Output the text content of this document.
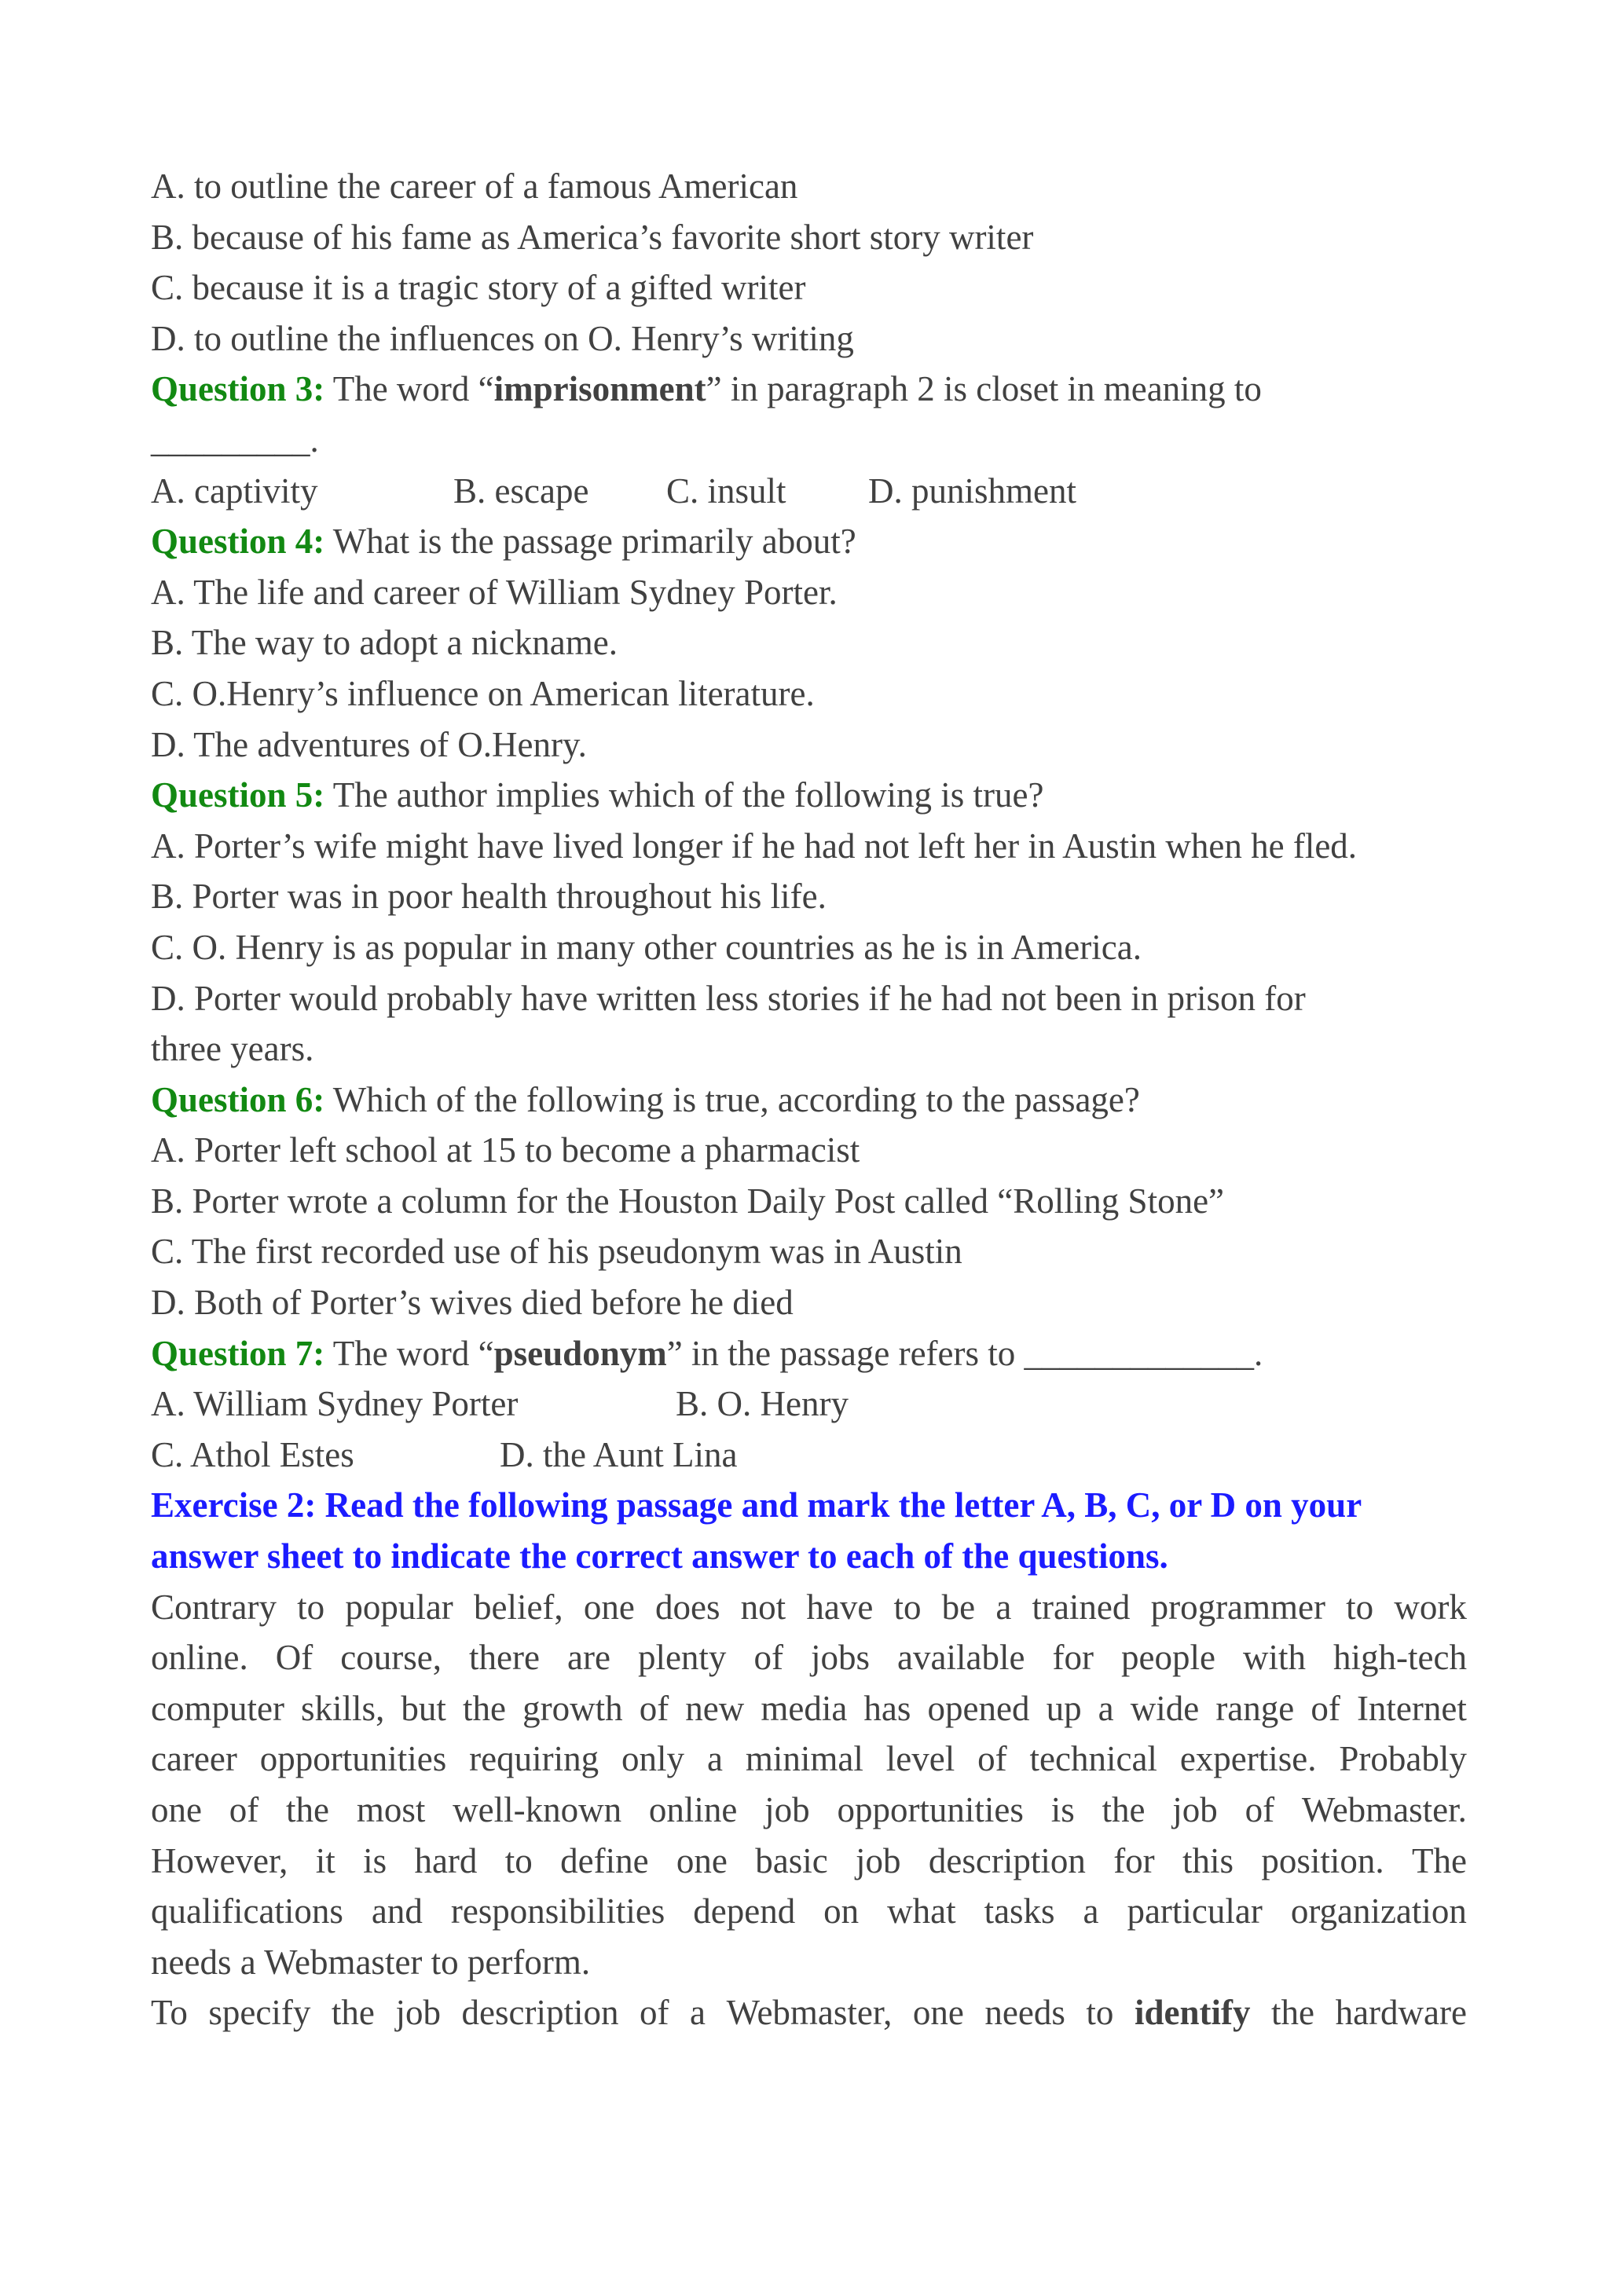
A. to outline the career of a famous American
B. because of his fame as America’s favorite short story writer
C. because it is a tragic story of a gifted writer
D. to outline the influences on O. Henry’s writing
Question 3: The word “imprisonment” in paragraph 2 is closet in meaning to
_________.
A. captivity	B. escape C. insult D. punishment
Question 4: What is the passage primarily about?
A. The life and career of William Sydney Porter.
B. The way to adopt a nickname.
C. O.Henry’s influence on American literature.
D. The adventures of O.Henry.
Question 5: The author implies which of the following is true?
A. Porter’s wife might have lived longer if he had not left her in Austin when he fled.
B. Porter was in poor health throughout his life.
C. O. Henry is as popular in many other countries as he is in America.
D. Porter would probably have written less stories if he had not been in prison for
three years.
Question 6: Which of the following is true, according to the passage?
A. Porter left school at 15 to become a pharmacist
B. Porter wrote a column for the Houston Daily Post called “Rolling Stone”
C. The first recorded use of his pseudonym was in Austin
D. Both of Porter’s wives died before he died
Question 7: The word “pseudonym” in the passage refers to _____________.
A. William Sydney Porter	B. O. Henry
C. Athol Estes	D. the Aunt Lina
Exercise 2: Read the following passage and mark the letter A, B, C, or D on your
answer sheet to indicate the correct answer to each of the questions.
Contrary to popular belief, one does not have to be a trained programmer to work
online. Of course, there are plenty of jobs available for people with high-tech
computer skills, but the growth of new media has opened up a wide range of Internet
career opportunities requiring only a minimal level of technical expertise. Probably
one of the most well-known online job opportunities is the job of Webmaster.
However, it is hard to define one basic job description for this position. The
qualifications and responsibilities depend on what tasks a particular organization
needs a Webmaster to perform.
To specify the job description of a Webmaster, one needs to identify the hardware
